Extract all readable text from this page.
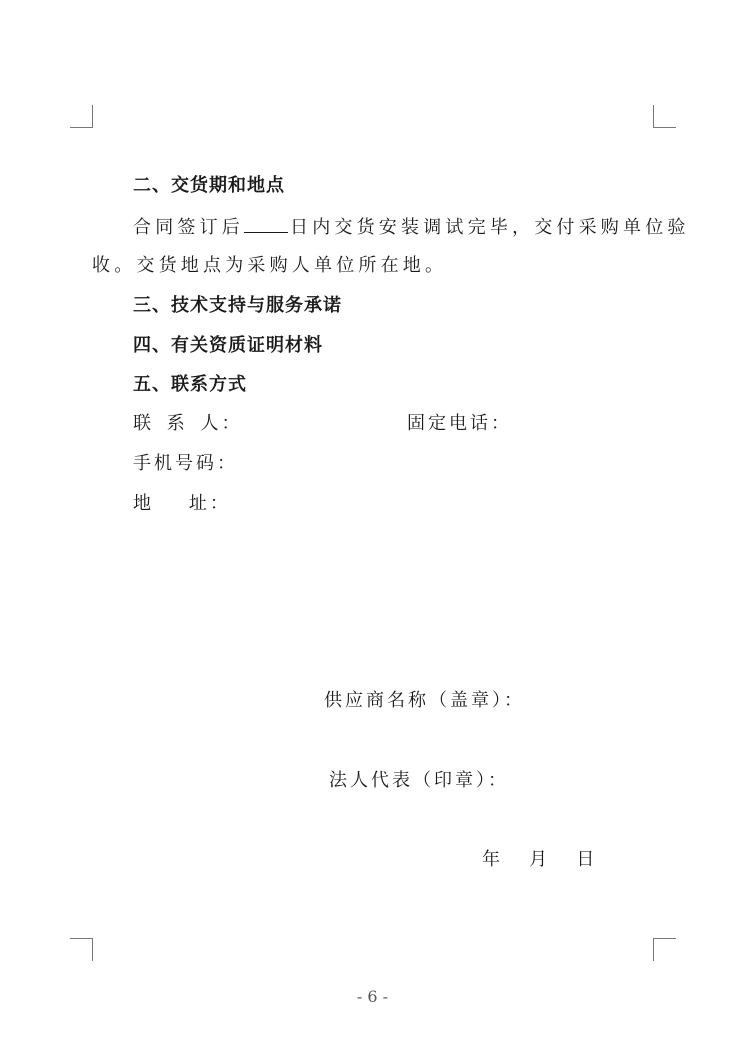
二、交货期和地点
合同签订后	日内交货安装调试完毕，交付采购单位验
收。交货地点为采购人单位所在地。
三、技术支持与服务承诺
四、有关资质证明材料
五、联系方式
联 系 人：	固定电话：
手机号码：
地    址：
供应商名称（盖章）：
法人代表（印章）：
年   月   日
- 6 -
